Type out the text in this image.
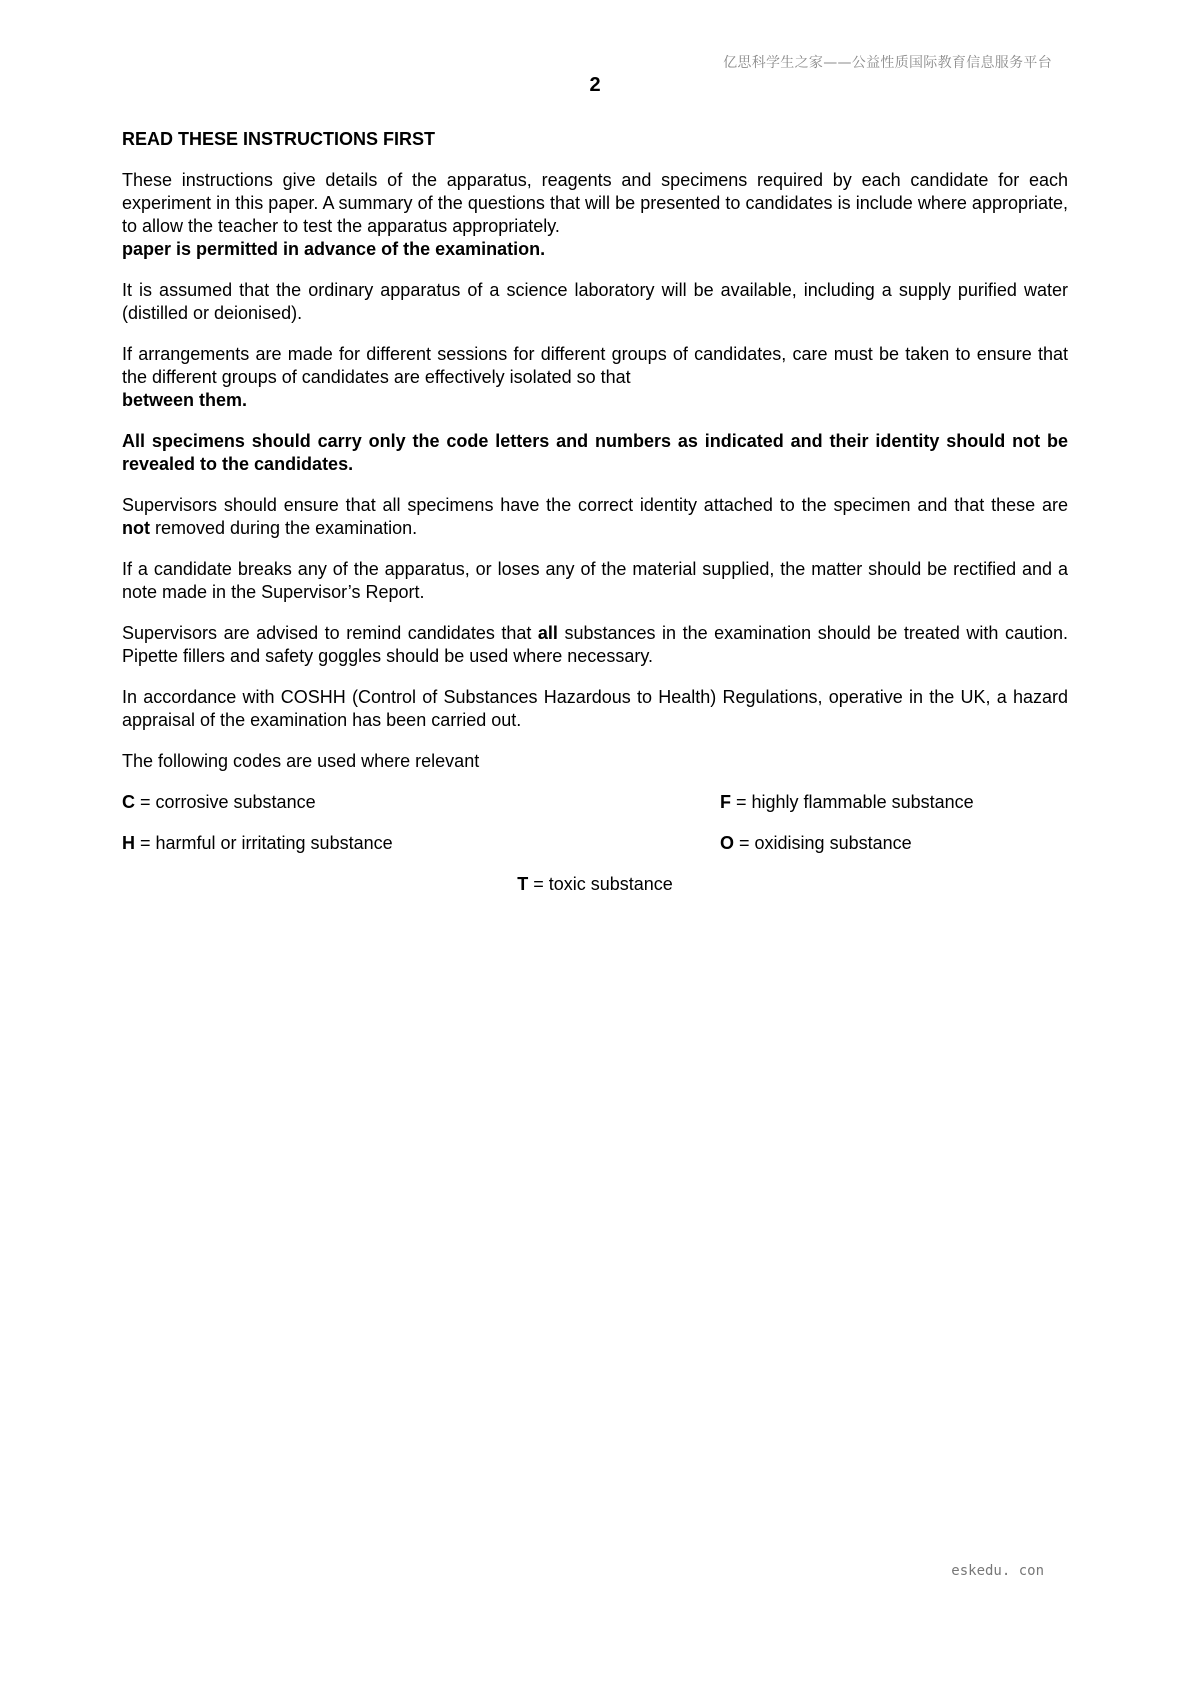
亿思科学生之家——公益性质国际教育信息服务平台
2
READ THESE INSTRUCTIONS FIRST

These instructions give details of the apparatus, reagents and specimens required by each candidate for each experiment in this paper. A summary of the questions that will be presented to candidates is include where appropriate, to allow the teacher to test the apparatus appropriately.
paper is permitted in advance of the examination.

It is assumed that the ordinary apparatus of a science laboratory will be available, including a supply purified water (distilled or deionised).

If arrangements are made for different sessions for different groups of candidates, care must be taken to ensure that the different groups of candidates are effectively isolated so that
between them.

All specimens should carry only the code letters and numbers as indicated and their identity should not be revealed to the candidates.

Supervisors should ensure that all specimens have the correct identity attached to the specimen and that these are not removed during the examination.

If a candidate breaks any of the apparatus, or loses any of the material supplied, the matter should be rectified and a note made in the Supervisor’s Report.

Supervisors are advised to remind candidates that all substances in the examination should be treated with caution. Pipette fillers and safety goggles should be used where necessary.

In accordance with COSHH (Control of Substances Hazardous to Health) Regulations, operative in the UK, a hazard appraisal of the examination has been carried out.

The following codes are used where relevant

C = corrosive substance	F = highly flammable substance
H = harmful or irritating substance	O = oxidising substance
T = toxic substance
eskedu. con
